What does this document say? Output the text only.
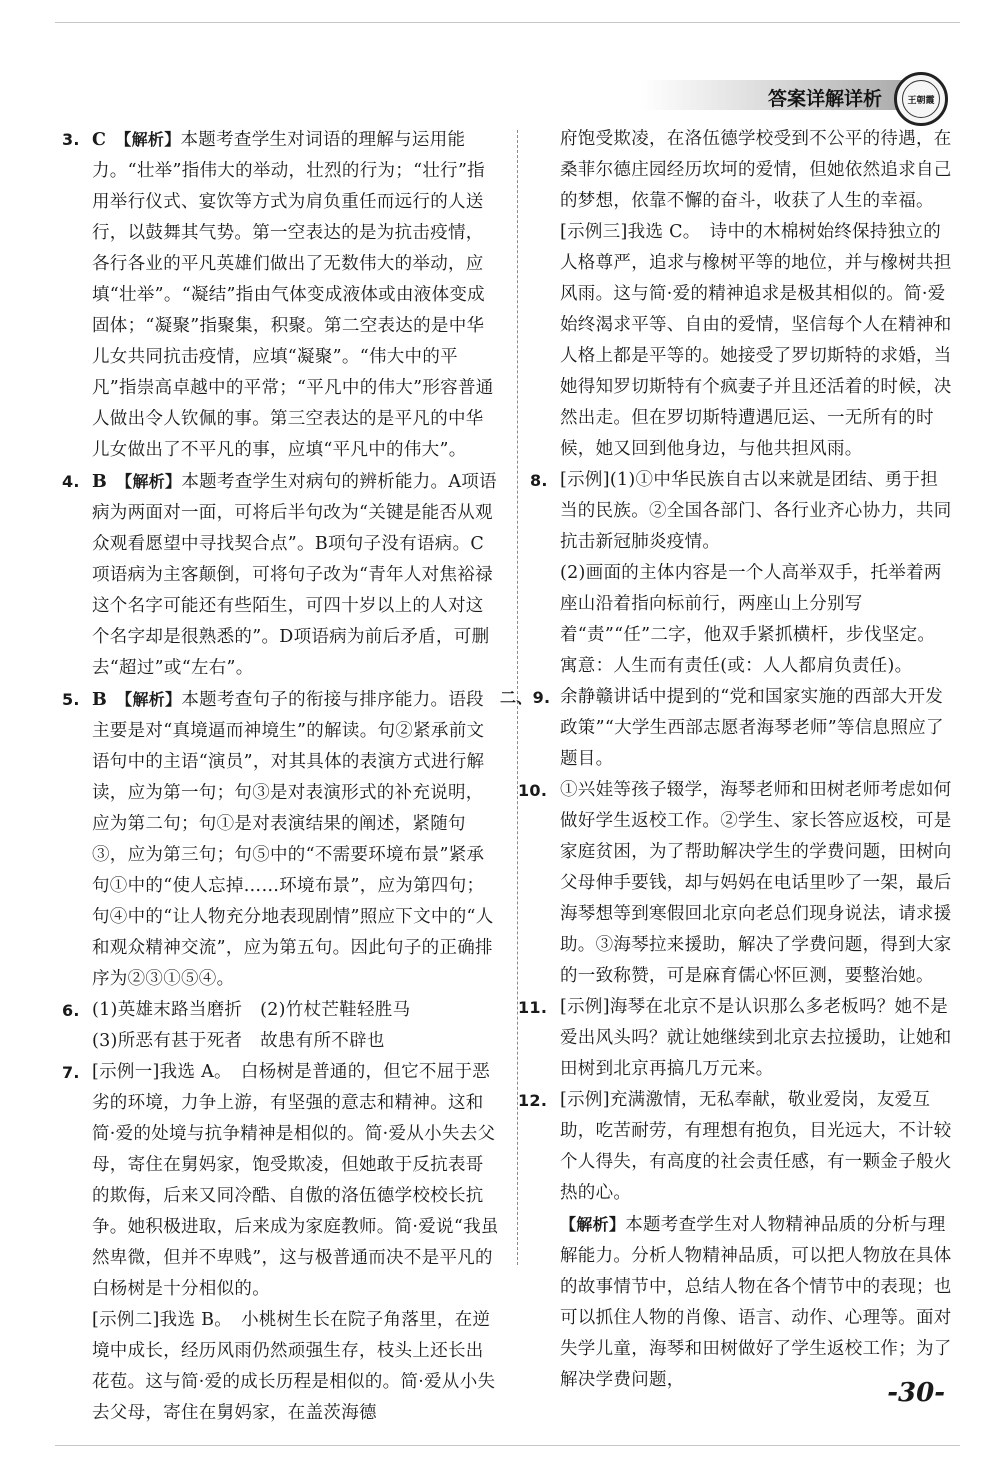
答案详解详析	王朝霞

3. C  【解析】本题考查学生对词语的理解与运用能力。“壮举”指伟大的举动，壮烈的行为；“壮行”指用举行仪式、宴饮等方式为肩负重任而远行的人送行，以鼓舞其气势。第一空表达的是为抗击疫情，各行各业的平凡英雄们做出了无数伟大的举动，应填“壮举”。“凝结”指由气体变成液体或由液体变成固体；“凝聚”指聚集，积聚。第二空表达的是中华儿女共同抗击疫情，应填“凝聚”。“伟大中的平凡”指崇高卓越中的平常；“平凡中的伟大”形容普通人做出令人钦佩的事。第三空表达的是平凡的中华儿女做出了不平凡的事，应填“平凡中的伟大”。

4. B  【解析】本题考查学生对病句的辨析能力。A项语病为两面对一面，可将后半句改为“关键是能否从观众观看愿望中寻找契合点”。B项句子没有语病。C项语病为主客颠倒，可将句子改为“青年人对焦裕禄这个名字可能还有些陌生，可四十岁以上的人对这个名字却是很熟悉的”。D项语病为前后矛盾，可删去“超过”或“左右”。

5. B  【解析】本题考查句子的衔接与排序能力。语段主要是对“真境逼而神境生”的解读。句②紧承前文语句中的主语“演员”，对其具体的表演方式进行解读，应为第一句；句③是对表演形式的补充说明，应为第二句；句①是对表演结果的阐述，紧随句③，应为第三句；句⑤中的“不需要环境布景”紧承句①中的“使人忘掉……环境布景”，应为第四句；句④中的“让人物充分地表现剧情”照应下文中的“人和观众精神交流”，应为第五句。因此句子的正确排序为②③①⑤④。

6. (1)英雄末路当磨折　(2)竹杖芒鞋轻胜马

(3)所恶有甚于死者　故患有所不辟也

7. [示例一]我选 A。　白杨树是普通的，但它不屈于恶劣的环境，力争上游，有坚强的意志和精神。这和简·爱的处境与抗争精神是相似的。简·爱从小失去父母，寄住在舅妈家，饱受欺凌，但她敢于反抗表哥的欺侮，后来又同冷酷、自傲的洛伍德学校校长抗争。她积极进取，后来成为家庭教师。简·爱说“我虽然卑微，但并不卑贱”，这与极普通而决不是平凡的白杨树是十分相似的。

[示例二]我选 B。　小桃树生长在院子角落里，在逆境中成长，经历风雨仍然顽强生存，枝头上还长出花苞。这与简·爱的成长历程是相似的。简·爱从小失去父母，寄住在舅妈家，在盖茨海德

府饱受欺凌，在洛伍德学校受到不公平的待遇，在桑菲尔德庄园经历坎坷的爱情，但她依然追求自己的梦想，依靠不懈的奋斗，收获了人生的幸福。

[示例三]我选 C。　诗中的木棉树始终保持独立的人格尊严，追求与橡树平等的地位，并与橡树共担风雨。这与简·爱的精神追求是极其相似的。简·爱始终渴求平等、自由的爱情，坚信每个人在精神和人格上都是平等的。她接受了罗切斯特的求婚，当她得知罗切斯特有个疯妻子并且还活着的时候，决然出走。但在罗切斯特遭遇厄运、一无所有的时候，她又回到他身边，与他共担风雨。

8. [示例](1)①中华民族自古以来就是团结、勇于担当的民族。②全国各部门、各行业齐心协力，共同抗击新冠肺炎疫情。

(2)画面的主体内容是一个人高举双手，托举着两座山沿着指向标前行，两座山上分别写着“责”“任”二字，他双手紧抓横杆，步伐坚定。

寓意：人生而有责任(或：人人都肩负责任)。

二、9. 余静赣讲话中提到的“党和国家实施的西部大开发政策”“大学生西部志愿者海琴老师”等信息照应了题目。

10. ①兴娃等孩子辍学，海琴老师和田树老师考虑如何做好学生返校工作。②学生、家长答应返校，可是家庭贫困，为了帮助解决学生的学费问题，田树向父母伸手要钱，却与妈妈在电话里吵了一架，最后海琴想等到寒假回北京向老总们现身说法，请求援助。③海琴拉来援助，解决了学费问题，得到大家的一致称赞，可是麻育儒心怀叵测，要整治她。

11. [示例]海琴在北京不是认识那么多老板吗？她不是爱出风头吗？就让她继续到北京去拉援助，让她和田树到北京再搞几万元来。

12. [示例]充满激情，无私奉献，敬业爱岗，友爱互助，吃苦耐劳，有理想有抱负，目光远大，不计较个人得失，有高度的社会责任感，有一颗金子般火热的心。　

【解析】本题考查学生对人物精神品质的分析与理解能力。分析人物精神品质，可以把人物放在具体的故事情节中，总结人物在各个情节中的表现；也可以抓住人物的肖像、语言、动作、心理等。面对失学儿童，海琴和田树做好了学生返校工作；为了解决学费问题，	-30-
